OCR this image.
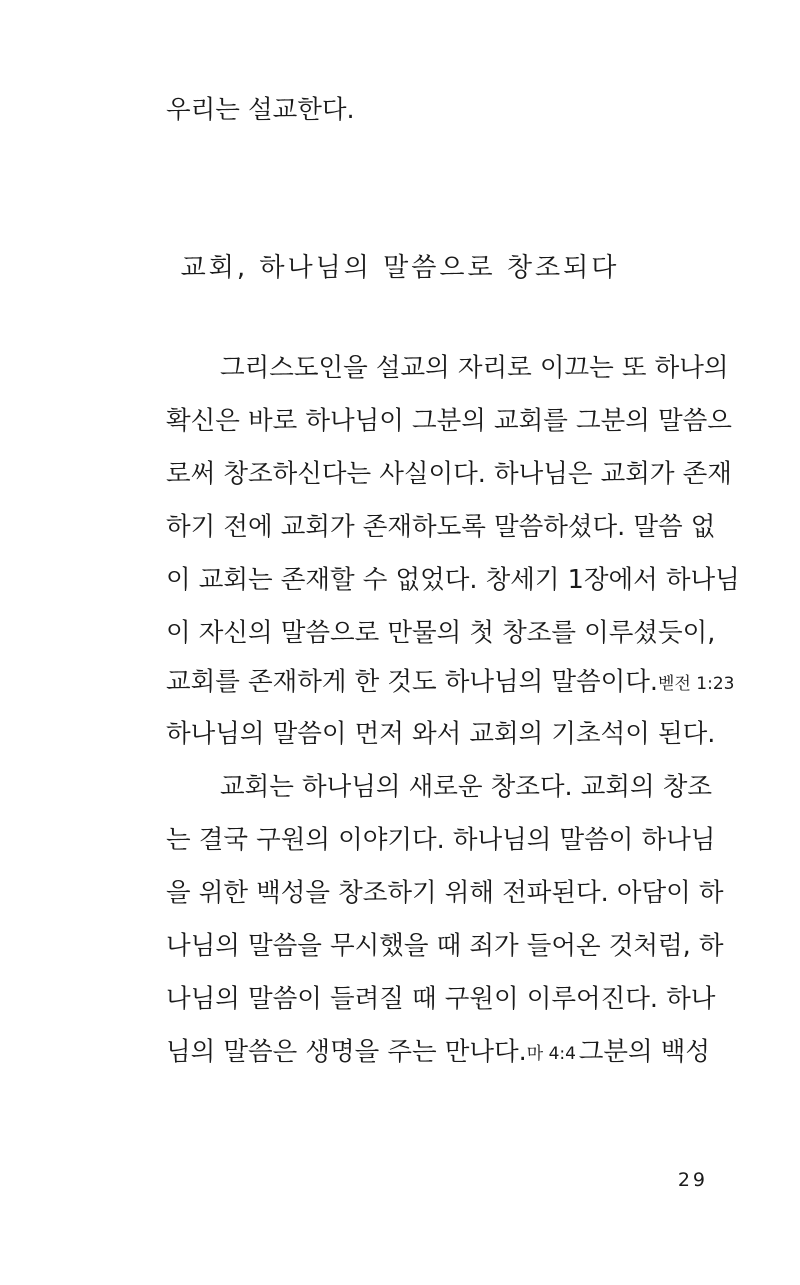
우리는 설교한다.
교회, 하나님의 말씀으로 창조되다
그리스도인을 설교의 자리로 이끄는 또 하나의
확신은 바로 하나님이 그분의 교회를 그분의 말씀으
로써 창조하신다는 사실이다. 하나님은 교회가 존재
하기 전에 교회가 존재하도록 말씀하셨다. 말씀 없
이 교회는 존재할 수 없었다. 창세기 1장에서 하나님
이 자신의 말씀으로 만물의 첫 창조를 이루셨듯이,
교회를 존재하게 한 것도 하나님의 말씀이다.벧전 1:23
하나님의 말씀이 먼저 와서 교회의 기초석이 된다.
교회는 하나님의 새로운 창조다. 교회의 창조
는 결국 구원의 이야기다. 하나님의 말씀이 하나님
을 위한 백성을 창조하기 위해 전파된다. 아담이 하
나님의 말씀을 무시했을 때 죄가 들어온 것처럼, 하
나님의 말씀이 들려질 때 구원이 이루어진다. 하나
님의 말씀은 생명을 주는 만나다.마 4:4 그분의 백성
29
